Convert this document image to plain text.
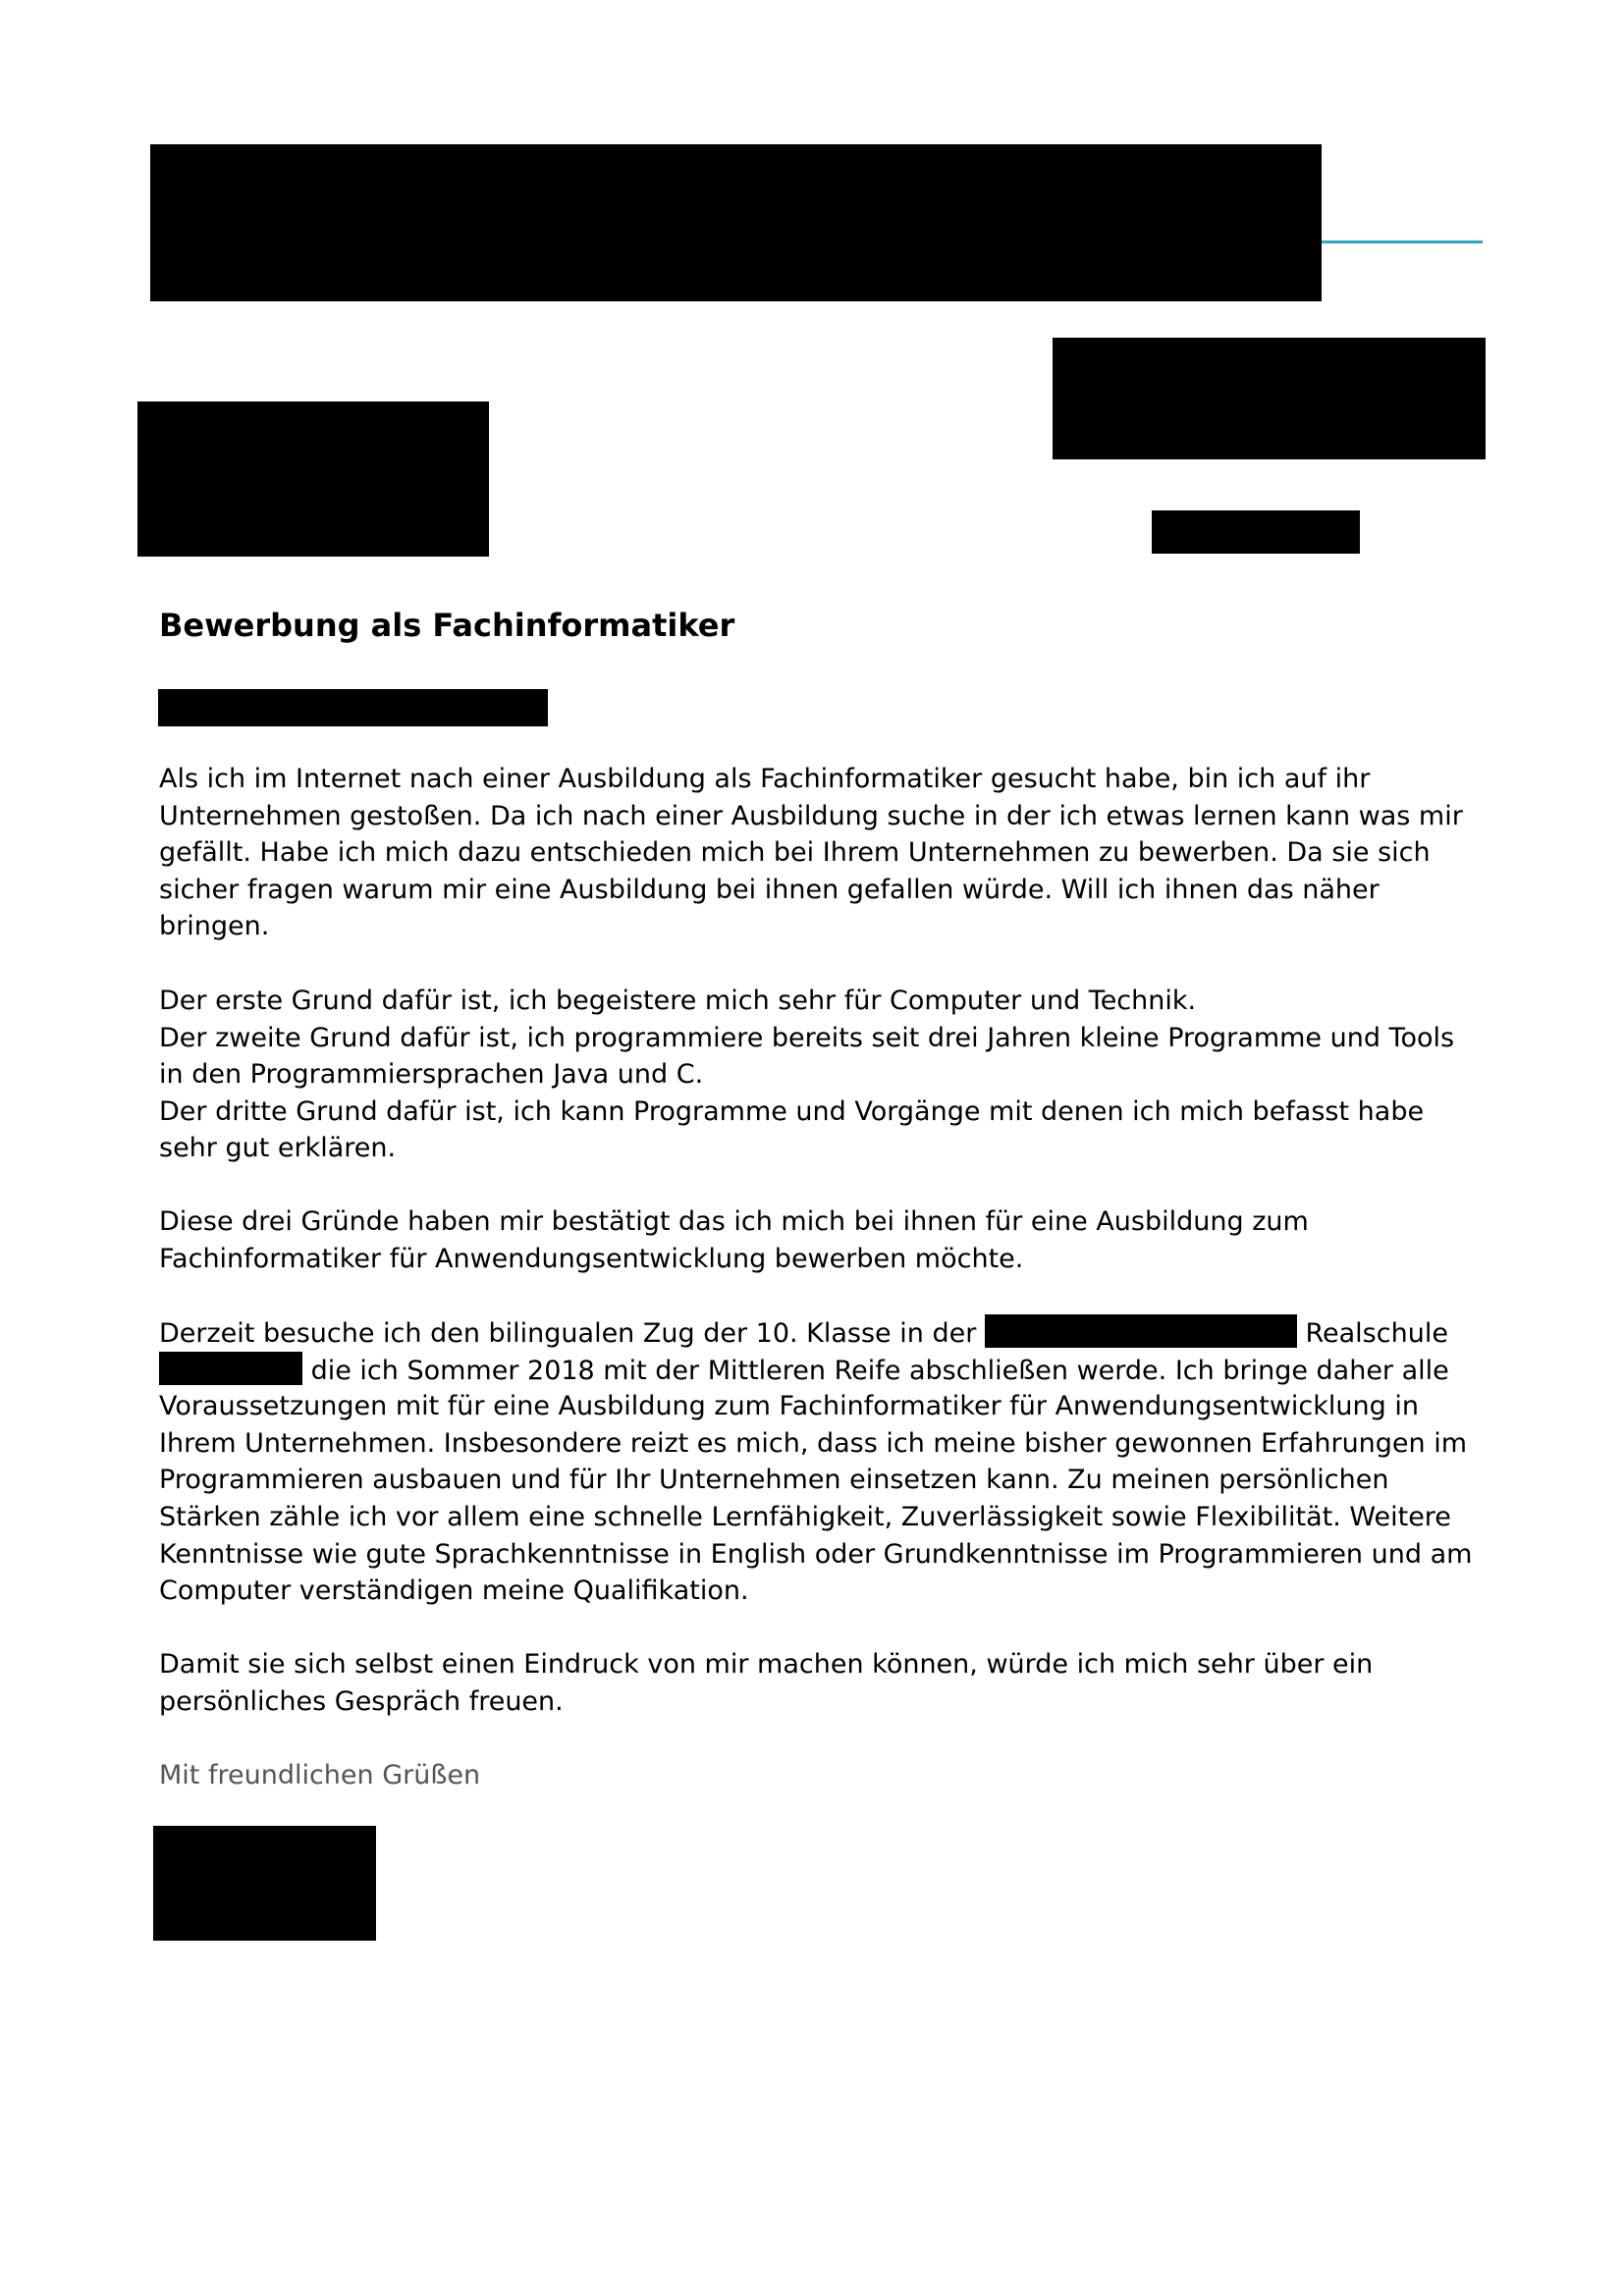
Bewerbung als Fachinformatiker
Als ich im Internet nach einer Ausbildung als Fachinformatiker gesucht habe, bin ich auf ihr
Unternehmen gestoßen. Da ich nach einer Ausbildung suche in der ich etwas lernen kann was mir
gefällt. Habe ich mich dazu entschieden mich bei Ihrem Unternehmen zu bewerben. Da sie sich
sicher fragen warum mir eine Ausbildung bei ihnen gefallen würde. Will ich ihnen das näher
bringen.
Der erste Grund dafür ist, ich begeistere mich sehr für Computer und Technik.
Der zweite Grund dafür ist, ich programmiere bereits seit drei Jahren kleine Programme und Tools
in den Programmiersprachen Java und C.
Der dritte Grund dafür ist, ich kann Programme und Vorgänge mit denen ich mich befasst habe
sehr gut erklären.
Diese drei Gründe haben mir bestätigt das ich mich bei ihnen für eine Ausbildung zum
Fachinformatiker für Anwendungsentwicklung bewerben möchte.
Derzeit besuche ich den bilingualen Zug der 10. Klasse in der	Realschule
die ich Sommer 2018 mit der Mittleren Reife abschließen werde. Ich bringe daher alle
Voraussetzungen mit für eine Ausbildung zum Fachinformatiker für Anwendungsentwicklung in
Ihrem Unternehmen. Insbesondere reizt es mich, dass ich meine bisher gewonnen Erfahrungen im
Programmieren ausbauen und für Ihr Unternehmen einsetzen kann. Zu meinen persönlichen
Stärken zähle ich vor allem eine schnelle Lernfähigkeit, Zuverlässigkeit sowie Flexibilität. Weitere
Kenntnisse wie gute Sprachkenntnisse in English oder Grundkenntnisse im Programmieren und am
Computer verständigen meine Qualifikation.
Damit sie sich selbst einen Eindruck von mir machen können, würde ich mich sehr über ein
persönliches Gespräch freuen.
Mit freundlichen Grüßen
